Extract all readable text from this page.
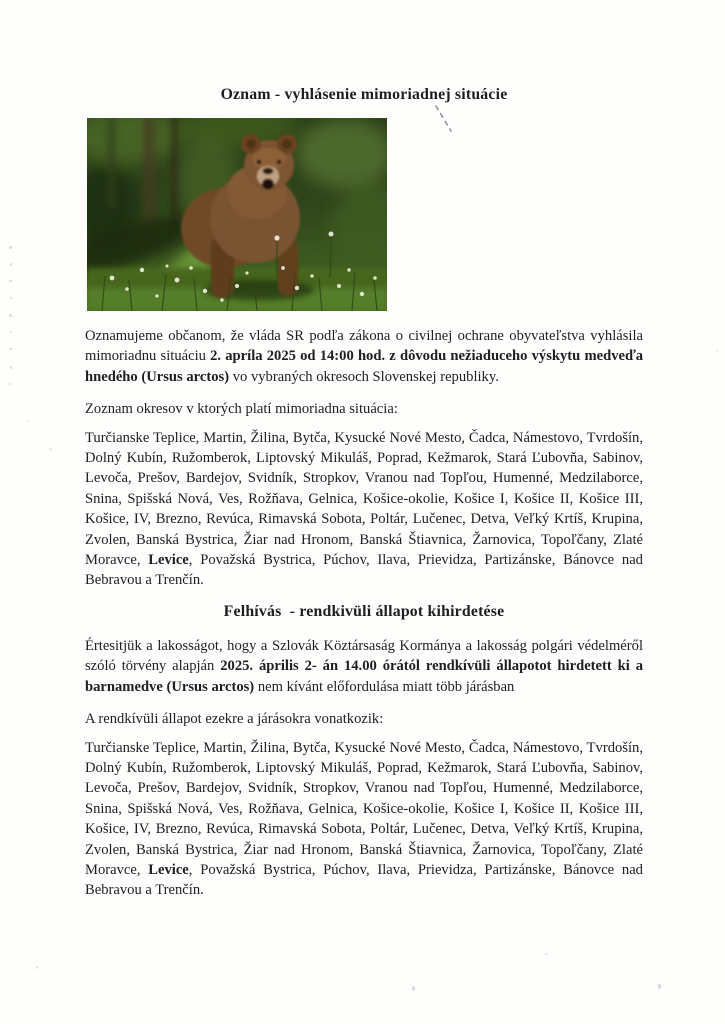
Oznam - vyhlásenie mimoriadnej situácie

Oznamujeme občanom, že vláda SR podľa zákona o civilnej ochrane obyvateľstva vyhlásila mimoriadnu situáciu 2. apríla 2025 od 14:00 hod. z dôvodu nežiaduceho výskytu medveďa hnedého (Ursus arctos) vo vybraných okresoch Slovenskej republiky.

Zoznam okresov v ktorých platí mimoriadna situácia:

Turčianske Teplice, Martin, Žilina, Bytča, Kysucké Nové Mesto, Čadca, Námestovo, Tvrdošín, Dolný Kubín, Ružomberok, Liptovský Mikuláš, Poprad, Kežmarok, Stará Ľubovňa, Sabinov, Levoča, Prešov, Bardejov, Svidník, Stropkov, Vranou nad Topľou, Humenné, Medzilaborce, Snina, Spišská Nová, Ves, Rožňava, Gelnica, Košice-okolie, Košice I, Košice II, Košice III, Košice, IV, Brezno, Revúca, Rimavská Sobota, Poltár, Lučenec, Detva, Veľký Krtíš, Krupina, Zvolen, Banská Bystrica, Žiar nad Hronom, Banská Štiavnica, Žarnovica, Topoľčany, Zlaté Moravce, Levice, Považská Bystrica, Púchov, Ilava, Prievidza, Partizánske, Bánovce nad Bebravou a Trenčín.

Felhívás  - rendkivüli állapot kihirdetése

Értesitjük a lakosságot, hogy a Szlovák Köztársaság Kormánya a lakosság polgári védelméről szóló törvény alapján 2025. április 2- án 14.00 órától rendkívüli állapotot hirdetett ki a barnamedve (Ursus arctos) nem kívánt előfordulása miatt több járásban

A rendkívüli állapot ezekre a járásokra vonatkozik:

Turčianske Teplice, Martin, Žilina, Bytča, Kysucké Nové Mesto, Čadca, Námestovo, Tvrdošín, Dolný Kubín, Ružomberok, Liptovský Mikuláš, Poprad, Kežmarok, Stará Ľubovňa, Sabinov, Levoča, Prešov, Bardejov, Svidník, Stropkov, Vranou nad Topľou, Humenné, Medzilaborce, Snina, Spišská Nová, Ves, Rožňava, Gelnica, Košice-okolie, Košice I, Košice II, Košice III, Košice, IV, Brezno, Revúca, Rimavská Sobota, Poltár, Lučenec, Detva, Veľký Krtíš, Krupina, Zvolen, Banská Bystrica, Žiar nad Hronom, Banská Štiavnica, Žarnovica, Topoľčany, Zlaté Moravce, Levice, Považská Bystrica, Púchov, Ilava, Prievidza, Partizánske, Bánovce nad Bebravou a Trenčín.
